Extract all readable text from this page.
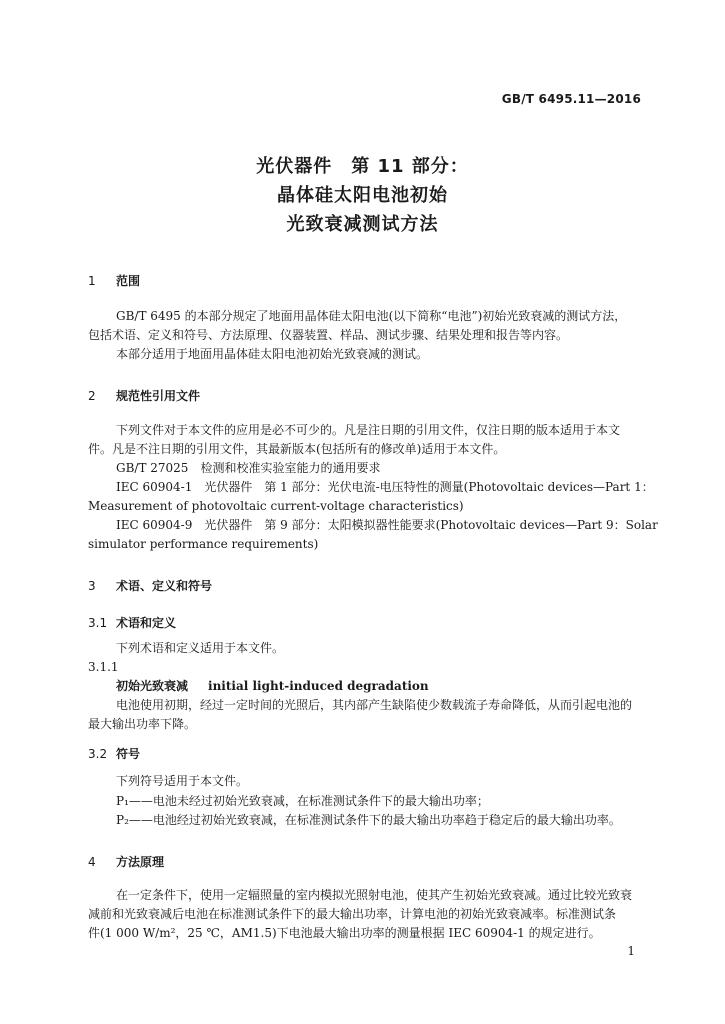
GB/T 6495.11—2016
光伏器件　第 11 部分：
晶体硅太阳电池初始
光致衰减测试方法
1 范围
GB/T 6495 的本部分规定了地面用晶体硅太阳电池(以下简称“电池”)初始光致衰减的测试方法，
包括术语、定义和符号、方法原理、仪器装置、样品、测试步骤、结果处理和报告等内容。
本部分适用于地面用晶体硅太阳电池初始光致衰减的测试。
2 规范性引用文件
下列文件对于本文件的应用是必不可少的。凡是注日期的引用文件，仅注日期的版本适用于本文
件。凡是不注日期的引用文件，其最新版本(包括所有的修改单)适用于本文件。
GB/T 27025　检测和校准实验室能力的通用要求
IEC 60904-1　光伏器件　第 1 部分：光伏电流-电压特性的测量(Photovoltaic devices—Part 1：
Measurement of photovoltaic current-voltage characteristics)
IEC 60904-9　光伏器件　第 9 部分：太阳模拟器性能要求(Photovoltaic devices—Part 9：Solar
simulator performance requirements)
3 术语、定义和符号
3.1 术语和定义
下列术语和定义适用于本文件。
3.1.1
初始光致衰减 initial light-induced degradation
电池使用初期，经过一定时间的光照后，其内部产生缺陷使少数载流子寿命降低，从而引起电池的
最大输出功率下降。
3.2 符号
下列符号适用于本文件。
P₁——电池未经过初始光致衰减，在标准测试条件下的最大输出功率；
P₂——电池经过初始光致衰减，在标准测试条件下的最大输出功率趋于稳定后的最大输出功率。
4 方法原理
在一定条件下，使用一定辐照量的室内模拟光照射电池，使其产生初始光致衰减。通过比较光致衰
减前和光致衰减后电池在标准测试条件下的最大输出功率，计算电池的初始光致衰减率。标准测试条
件(1 000 W/m²，25 ℃，AM1.5)下电池最大输出功率的测量根据 IEC 60904-1 的规定进行。
1
